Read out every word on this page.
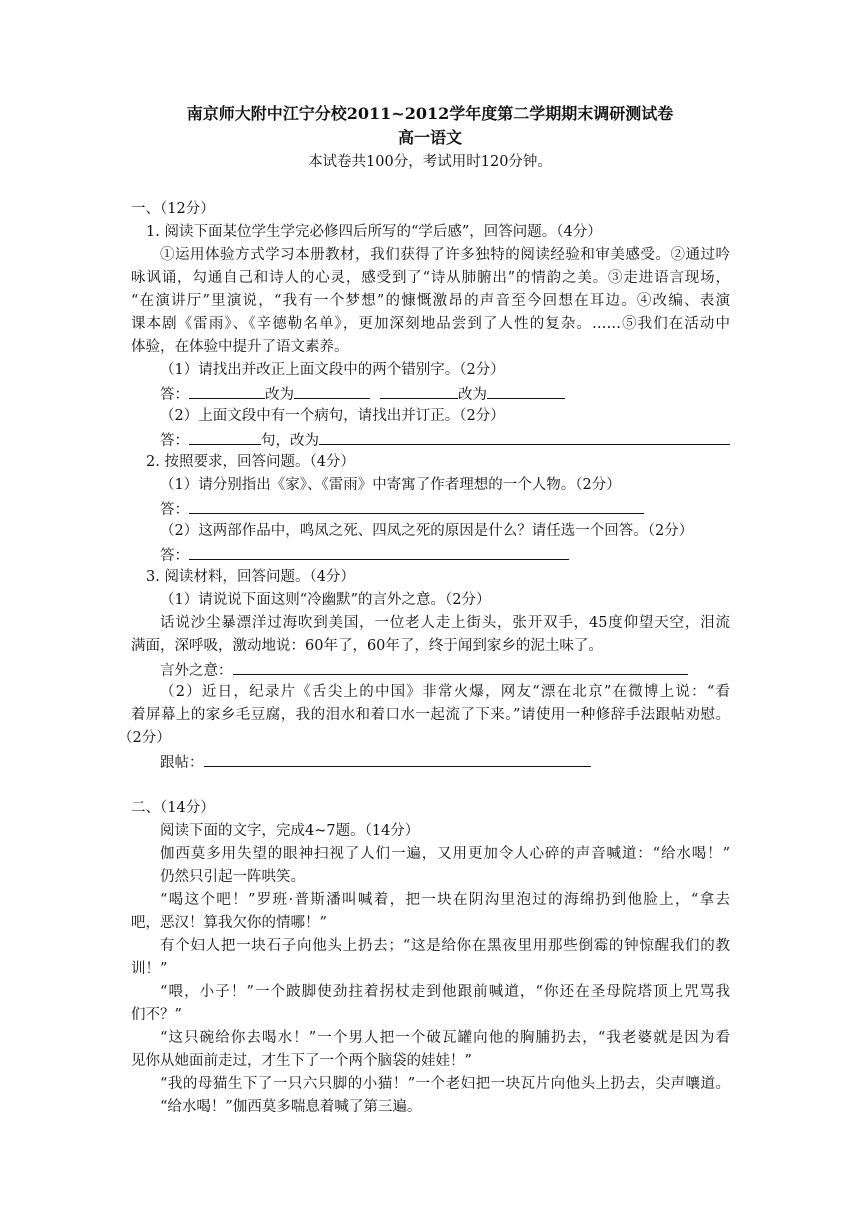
南京师大附中江宁分校2011~2012学年度第二学期期末调研测试卷
高一语文
本试卷共100分，考试用时120分钟。
一、（12分）
1. 阅读下面某位学生学完必修四后所写的“学后感”，回答问题。（4分）
①运用体验方式学习本册教材，我们获得了许多独特的阅读经验和审美感受。②通过吟
咏讽诵，勾通自己和诗人的心灵，感受到了“诗从肺腑出”的情韵之美。③走进语言现场，
“在演讲厅”里演说，“我有一个梦想”的慷慨激昂的声音至今回想在耳边。④改编、表演
课本剧《雷雨》、《辛德勒名单》，更加深刻地品尝到了人性的复杂。……⑤我们在活动中
体验，在体验中提升了语文素养。
（1）请找出并改正上面文段中的两个错别字。（2分）
答：	改为	改为
（2）上面文段中有一个病句，请找出并订正。（2分）
答：	句，改为
2. 按照要求，回答问题。（4分）
（1）请分别指出《家》、《雷雨》中寄寓了作者理想的一个人物。（2分）
答：
（2）这两部作品中，鸣凤之死、四凤之死的原因是什么？请任选一个回答。（2分）
答：
3. 阅读材料，回答问题。（4分）
（1）请说说下面这则“冷幽默”的言外之意。（2分）
话说沙尘暴漂洋过海吹到美国，一位老人走上街头，张开双手，45度仰望天空，泪流
满面，深呼吸，激动地说：60年了，60年了，终于闻到家乡的泥土味了。
言外之意：
（2）近日，纪录片《舌尖上的中国》非常火爆，网友“漂在北京”在微博上说：“看
着屏幕上的家乡毛豆腐，我的泪水和着口水一起流了下来。”请使用一种修辞手法跟帖劝慰。
（2分）
跟帖：
二、（14分）
阅读下面的文字，完成4~7题。（14分）
伽西莫多用失望的眼神扫视了人们一遍，又用更加令人心碎的声音喊道：“给水喝！”
仍然只引起一阵哄笑。
“喝这个吧！”罗班·普斯潘叫喊着，把一块在阴沟里泡过的海绵扔到他脸上，“拿去
吧，恶汉！算我欠你的情哪！”
有个妇人把一块石子向他头上扔去；“这是给你在黑夜里用那些倒霉的钟惊醒我们的教
训！”
“喂，小子！”一个跛脚使劲拄着拐杖走到他跟前喊道，“你还在圣母院塔顶上咒骂我
们不？”
“这只碗给你去喝水！”一个男人把一个破瓦罐向他的胸脯扔去，“我老婆就是因为看
见你从她面前走过，才生下了一个两个脑袋的娃娃！”
“我的母猫生下了一只六只脚的小猫！”一个老妇把一块瓦片向他头上扔去，尖声嚷道。
“给水喝！”伽西莫多喘息着喊了第三遍。
